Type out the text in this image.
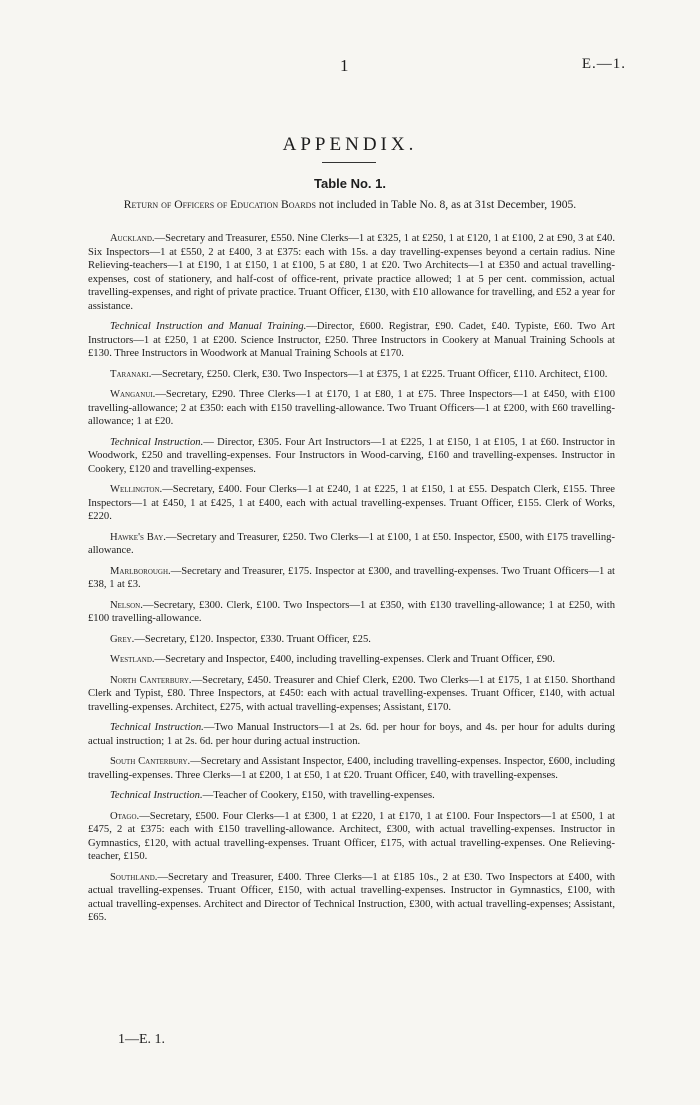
1	E.—1.
APPENDIX.
Table No. 1.
Return of Officers of Education Boards not included in Table No. 8, as at 31st December, 1905.

Auckland.—Secretary and Treasurer, £550. Nine Clerks—1 at £325, 1 at £250, 1 at £120, 1 at £100, 2 at £90, 3 at £40. Six Inspectors—1 at £550, 2 at £400, 3 at £375: each with 15s. a day travelling-expenses beyond a certain radius. Nine Relieving-teachers—1 at £190, 1 at £150, 1 at £100, 5 at £80, 1 at £20. Two Architects—1 at £350 and actual travelling-expenses, cost of stationery, and half-cost of office-rent, private practice allowed; 1 at 5 per cent. commission, actual travelling-expenses, and right of private practice. Truant Officer, £130, with £10 allowance for travelling, and £52 a year for assistance.

Technical Instruction and Manual Training.—Director, £600. Registrar, £90. Cadet, £40. Typiste, £60. Two Art Instructors—1 at £250, 1 at £200. Science Instructor, £250. Three Instructors in Cookery at Manual Training Schools at £130. Three Instructors in Woodwork at Manual Training Schools at £170.

Taranaki.—Secretary, £250. Clerk, £30. Two Inspectors—1 at £375, 1 at £225. Truant Officer, £110. Architect, £100.

Wanganui.—Secretary, £290. Three Clerks—1 at £170, 1 at £80, 1 at £75. Three Inspectors—1 at £450, with £100 travelling-allowance; 2 at £350: each with £150 travelling-allowance. Two Truant Officers—1 at £200, with £60 travelling-allowance; 1 at £20.

Technical Instruction.— Director, £305. Four Art Instructors—1 at £225, 1 at £150, 1 at £105, 1 at £60. Instructor in Woodwork, £250 and travelling-expenses. Four Instructors in Wood-carving, £160 and travelling-expenses. Instructor in Cookery, £120 and travelling-expenses.

Wellington.—Secretary, £400. Four Clerks—1 at £240, 1 at £225, 1 at £150, 1 at £55. Despatch Clerk, £155. Three Inspectors—1 at £450, 1 at £425, 1 at £400, each with actual travelling-expenses. Truant Officer, £155. Clerk of Works, £220.

Hawke's Bay.—Secretary and Treasurer, £250. Two Clerks—1 at £100, 1 at £50. Inspector, £500, with £175 travelling-allowance.

Marlborough.—Secretary and Treasurer, £175. Inspector at £300, and travelling-expenses. Two Truant Officers—1 at £38, 1 at £3.

Nelson.—Secretary, £300. Clerk, £100. Two Inspectors—1 at £350, with £130 travelling-allowance; 1 at £250, with £100 travelling-allowance.

Grey.—Secretary, £120. Inspector, £330. Truant Officer, £25.

Westland.—Secretary and Inspector, £400, including travelling-expenses. Clerk and Truant Officer, £90.

North Canterbury.—Secretary, £450. Treasurer and Chief Clerk, £200. Two Clerks—1 at £175, 1 at £150. Shorthand Clerk and Typist, £80. Three Inspectors, at £450: each with actual travelling-expenses. Truant Officer, £140, with actual travelling-expenses. Architect, £275, with actual travelling-expenses; Assistant, £170.

Technical Instruction.—Two Manual Instructors—1 at 2s. 6d. per hour for boys, and 4s. per hour for adults during actual instruction; 1 at 2s. 6d. per hour during actual instruction.

South Canterbury.—Secretary and Assistant Inspector, £400, including travelling-expenses. Inspector, £600, including travelling-expenses. Three Clerks—1 at £200, 1 at £50, 1 at £20. Truant Officer, £40, with travelling-expenses.

Technical Instruction.—Teacher of Cookery, £150, with travelling-expenses.

Otago.—Secretary, £500. Four Clerks—1 at £300, 1 at £220, 1 at £170, 1 at £100. Four Inspectors—1 at £500, 1 at £475, 2 at £375: each with £150 travelling-allowance. Architect, £300, with actual travelling-expenses. Instructor in Gymnastics, £120, with actual travelling-expenses. Truant Officer, £175, with actual travelling-expenses. One Relieving-teacher, £150.

Southland.—Secretary and Treasurer, £400. Three Clerks—1 at £185 10s., 2 at £30. Two Inspectors at £400, with actual travelling-expenses. Truant Officer, £150, with actual travelling-expenses. Instructor in Gymnastics, £100, with actual travelling-expenses. Architect and Director of Technical Instruction, £300, with actual travelling-expenses; Assistant, £65.

1—E. 1.
